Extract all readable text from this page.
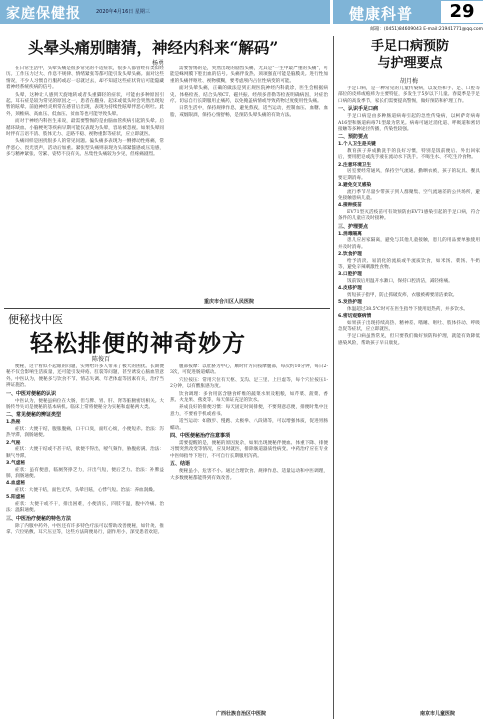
家庭保健报	2020年4月16日 星期三	健康科普	29
邮箱：(0451)84609043 E-mail:21941771@qq.com
头晕头痛别瞎猜，神经内科来“解码”
杨勇

在日常生活中，头晕头痛是很多常见的不适症状，很多人都曾经有类似经历。工作压力过大、作息不规律、情绪紧张等都可能引发头晕头痛。面对这些情况，不少人习惯自行服药或忍一忍就过去，却不知道这些症状背后可能隐藏着神经系统疾病的信号。

头晕，这种让人感到天旋地转或者头重脚轻的症状，可能由多种原因引起。耳石症是较为常见的原因之一，患者在翻身、起床或低头时会突然出现短暂的眩晕。前庭神经炎则常在感冒后出现，表现为持续性眩晕伴恶心呕吐。此外，颈椎病、高血压、低血压、贫血等也可能导致头晕。

而对于神经内科医生来说，最需要警惕的是由脑血管疾病引起的头晕。后循环缺血、小脑梗死等疾病早期可能仅表现为头晕，容易被忽视。如果头晕同时伴有言语不清、肢体无力、走路不稳、视物重影等症状，应立即就医。

头痛同样是困扰很多人的常见问题。偏头痛多表现为一侧搏动性疼痛，常伴恶心、畏光畏声，活动后加重。紧张型头痛则表现为头部紧箍感或压迫感，多与精神紧张、劳累、姿势不良有关。丛集性头痛较为少见，但疼痛剧烈。

需要警惕的是，突然出现的剧烈头痛，尤其是"一生中最严重的头痛"，可能是蛛网膜下腔出血的信号。头痛伴发热、颈项强直可能是脑膜炎。进行性加重的头痛伴呕吐、视物模糊，要考虑颅内占位性病变的可能。

面对头晕头痛，正确的做法是到正规医院神经内科就诊，医生会根据病史、体格检查，结合头颅CT、磁共振、经颅多普勒等检查明确病因，对症治疗。切忌自行长期服用止痛药，以免掩盖病情或导致药物过度使用性头痛。

日常生活中，保持规律作息，避免熬夜，适当运动，控制血压、血糖、血脂，戒烟限酒，保持心情舒畅，是预防头晕头痛的有效方法。

重庆市合川区人民医院
便秘找中医
轻松排便的神奇妙方
陈俊百

便秘，这个看似不起眼的问题，实则给许多人带来了极大的困扰。长期便秘不仅会影响生活质量，还可能引发痔疮、肛裂等问题，甚至诱发心脑血管意外。中医认为，便秘多与饮食不节、情志失调、年老体虚等因素有关，治疗当辨证施治。

一、中医对便秘的认识

中医认为，便秘虽病位在大肠，但与脾、胃、肝、肾等脏腑密切相关。大肠传导失司是便秘的基本病机。临床上常将便秘分为实秘和虚秘两大类。

二、常见便秘的辨证类型
1.热秘

症状：大便干结，腹胀腹痛，口干口臭，面红心烦，小便短赤。治法：泻热导滞，润肠通便。

2.气秘

症状：大便干结或不甚干结，欲便不得出，嗳气频作，胁腹痞满。治法：顺气导滞。

3.气虚秘

症状：虽有便意，临厕努挣乏力，汗出气短，便后乏力。治法：补脾益肺，润肠通便。

4.血虚秘

症状：大便干结，面色无华，头晕目眩，心悸气短。治法：养血润燥。

5.阳虚秘

症状：大便干或不干，排出困难，小便清长，四肢不温，腹中冷痛。治法：温阳通便。

三、中医治疗便秘的特色方法

除了内服中药外，中医还有许多特色疗法可以帮助改善便秘，如针灸、推拿、穴位贴敷、耳穴压豆等，这些方法简便易行，副作用小，深受患者欢迎。

腹部按摩：以肚脐为中心，顺时针方向按摩腹部，每次约10分钟，每日2-3次，可促进肠道蠕动。

穴位按压：常用穴位有天枢、支沟、足三里、上巨虚等，每个穴位按压1-2分钟，以有酸胀感为度。

饮食调理：多食用富含膳食纤维的蔬菜水果及粗粮，如芹菜、菠菜、香蕉、火龙果、燕麦等，每天保证充足的饮水。

养成良好的排便习惯：每天固定时间排便，不要刻意忍便，排便时集中注意力，不要看手机或看书。

适当运动：如散步、慢跑、太极拳、八段锦等，可以增强体质，促进胃肠蠕动。

四、中医便秘治疗注意事项

需要提醒的是，便秘的原因复杂，如果出现便秘伴便血、体重下降、排便习惯突然改变等情况，应及时就医，排除肠道器质性病变。中药治疗应在专业中医师指导下进行，不可自行长期服用泻药。

五、结语

便秘虽小，危害不小。通过合理饮食、规律作息、适量运动和中医调理，大多数便秘都能得到有效改善。

广西壮族自治区中医院
手足口病预防
与护理要点
胡月梅

手足口病，是一种常见的儿童传染病，以发热和手、足、口腔等部位的皮疹或疱疹为主要特征，多发生于5岁以下儿童。春夏季是手足口病的高发季节，家长们需要提高警惕，做好预防和护理工作。

一、认识手足口病

手足口病是由多种肠道病毒引起的急性传染病，以柯萨奇病毒A16型和肠道病毒71型最为常见。病毒可通过消化道、呼吸道和密切接触等多种途径传播，传染性较强。

二、预防要点
1.个人卫生是关键

教育孩子养成勤洗手的良好习惯，特别是饭前便后、外出回家后，要用肥皂或洗手液在流动水下洗手。不喝生水、不吃生冷食物。

2.注意环境卫生

居室要经常通风，保持空气流通。勤晒衣被，孩子的玩具、餐具要定期消毒。

3.避免交叉感染

流行季节尽量少带孩子到人群聚集、空气流通差的公共场所，避免接触患病儿童。

4.接种疫苗

EV71型灭活疫苗可有效预防由EV71感染引起的手足口病，符合条件的儿童应及时接种。

三、护理要点
1.消毒隔离

患儿应居家隔离，避免与其他儿童接触，患儿的用品要单独使用并及时消毒。

2.饮食护理

给予清淡、易消化的流质或半流质饮食，如米汤、菜汤、牛奶等，避免辛辣刺激性食物。

3.口腔护理

饭前饭后用温开水漱口，保持口腔清洁，减轻疼痛。

4.皮疹护理

剪短孩子指甲，防止抓破皮疹，衣服被褥要清洁柔软。

5.发热护理

体温超过38.5℃时可在医生指导下使用退热药，并多饮水。

6.密切观察病情

如果孩子出现持续高热、精神差、嗜睡、呕吐、肢体抖动、呼吸急促等症状，应立即就医。

手足口病虽然常见，但只要我们做好预防和护理，就能有效降低感染风险，帮助孩子早日康复。

南京市儿童医院
